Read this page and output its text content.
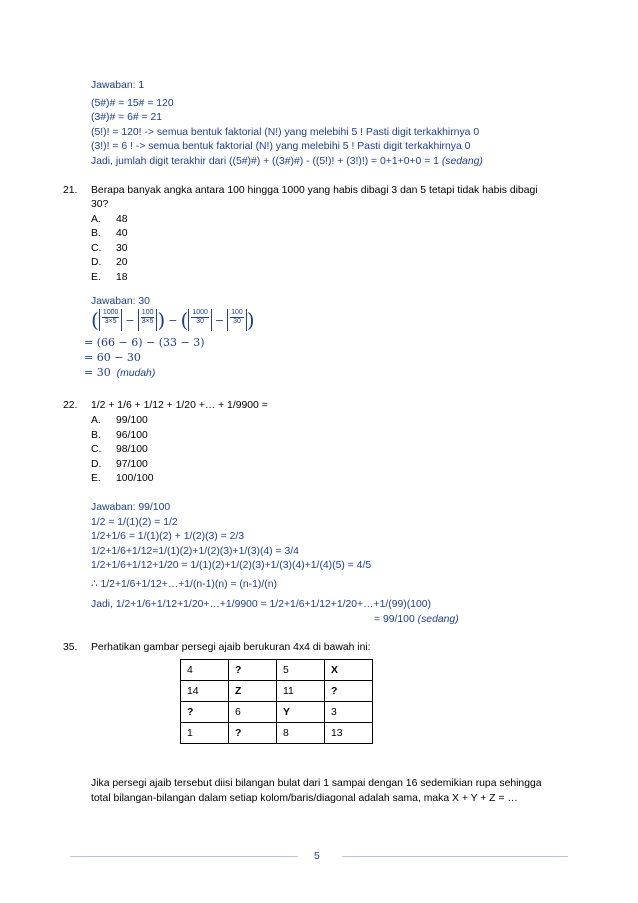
Jawaban: 1
(5#)# = 15# = 120
(3#)# = 6# = 21
(5!)! = 120! -> semua bentuk faktorial (N!) yang melebihi 5 ! Pasti digit terkakhirnya 0
(3!)! = 6 ! -> semua bentuk faktorial (N!) yang melebihi 5 ! Pasti digit terkakhirnya 0
Jadi, jumlah digit terakhir dari ((5#)#) + ((3#)#) - ((5!)! + (3!)!) = 0+1+0+0 = 1 (sedang)
21. Berapa banyak angka antara 100 hingga 1000 yang habis dibagi 3 dan 5 tetapi tidak habis dibagi
30?
A. 48
B. 40
C. 30
D. 20
E. 18
Jawaban: 30
( $\frac{1000}{3\times 5} - \frac{100}{3\times 5}$ ) − ( $\frac{1000}{30} - \frac{100}{30}$ )
= (66 − 6) − (33 − 3)
= 60 − 30
= 30 (mudah)
22. 1/2 + 1/6 + 1/12 + 1/20 +… + 1/9900 =
A. 99/100
B. 96/100
C. 98/100
D. 97/100
E. 100/100
Jawaban: 99/100
1/2 = 1/(1)(2) = 1/2
1/2+1/6 = 1/(1)(2) + 1/(2)(3) = 2/3
1/2+1/6+1/12=1/(1)(2)+1/(2)(3)+1/(3)(4) = 3/4
1/2+1/6+1/12+1/20 = 1/(1)(2)+1/(2)(3)+1/(3)(4)+1/(4)(5) = 4/5
∴ 1/2+1/6+1/12+…+1/(n-1)(n) = (n-1)/(n)
Jadi, 1/2+1/6+1/12+1/20+…+1/9900 = 1/2+1/6+1/12+1/20+…+1/(99)(100)
= 99/100 (sedang)
35. Perhatikan gambar persegi ajaib berukuran 4x4 di bawah ini:
4	?	5	X
14	Z	11	?
?	6	Y	3
1	?	8	13
Jika persegi ajaib tersebut diisi bilangan bulat dari 1 sampai dengan 16 sedemikian rupa sehingga
total bilangan-bilangan dalam setiap kolom/baris/diagonal adalah sama, maka X + Y + Z = …
5
